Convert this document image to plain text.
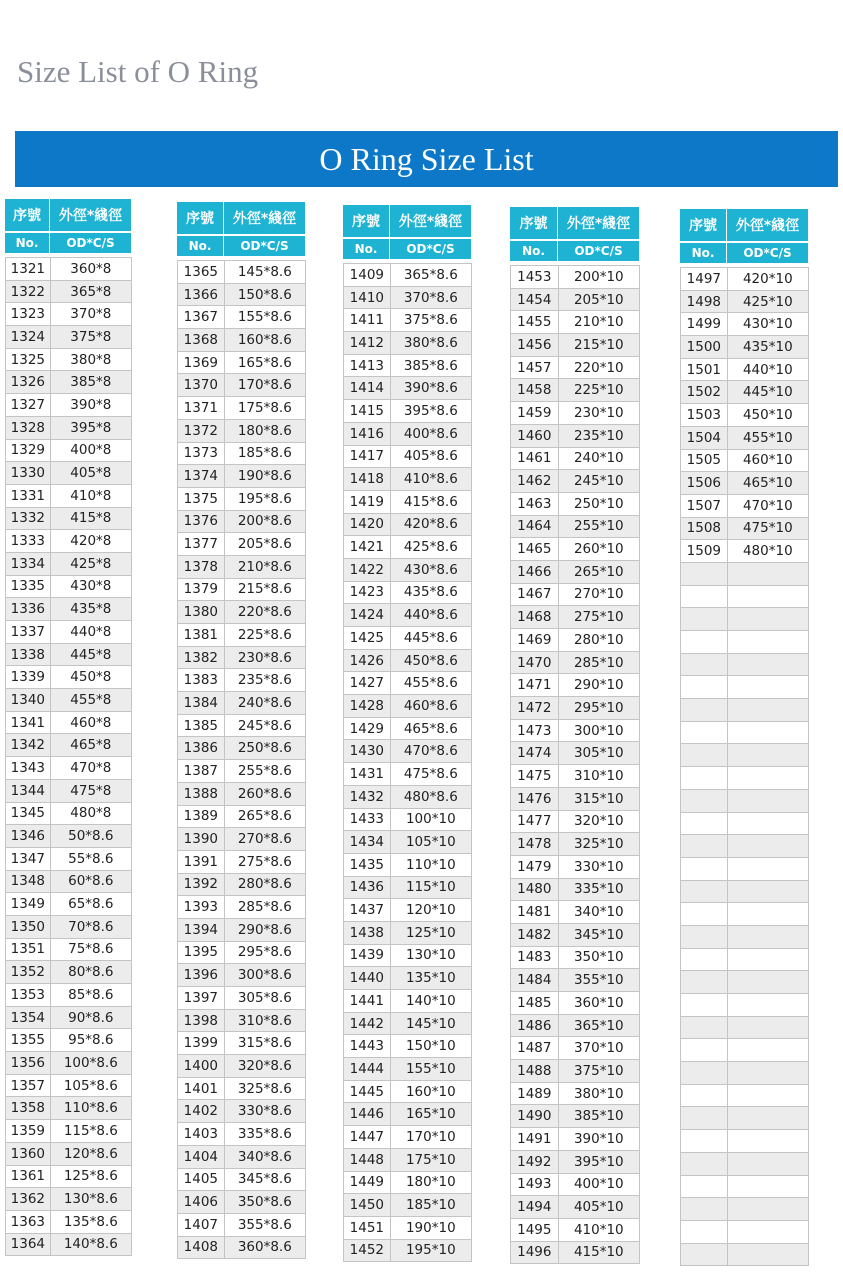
Size List of O Ring
O Ring Size List
序號	外徑*綫徑
No.	OD*C/S
1321	360*8
1322	365*8
1323	370*8
1324	375*8
1325	380*8
1326	385*8
1327	390*8
1328	395*8
1329	400*8
1330	405*8
1331	410*8
1332	415*8
1333	420*8
1334	425*8
1335	430*8
1336	435*8
1337	440*8
1338	445*8
1339	450*8
1340	455*8
1341	460*8
1342	465*8
1343	470*8
1344	475*8
1345	480*8
1346	50*8.6
1347	55*8.6
1348	60*8.6
1349	65*8.6
1350	70*8.6
1351	75*8.6
1352	80*8.6
1353	85*8.6
1354	90*8.6
1355	95*8.6
1356	100*8.6
1357	105*8.6
1358	110*8.6
1359	115*8.6
1360	120*8.6
1361	125*8.6
1362	130*8.6
1363	135*8.6
1364	140*8.6
序號	外徑*綫徑
No.	OD*C/S
1365	145*8.6
1366	150*8.6
1367	155*8.6
1368	160*8.6
1369	165*8.6
1370	170*8.6
1371	175*8.6
1372	180*8.6
1373	185*8.6
1374	190*8.6
1375	195*8.6
1376	200*8.6
1377	205*8.6
1378	210*8.6
1379	215*8.6
1380	220*8.6
1381	225*8.6
1382	230*8.6
1383	235*8.6
1384	240*8.6
1385	245*8.6
1386	250*8.6
1387	255*8.6
1388	260*8.6
1389	265*8.6
1390	270*8.6
1391	275*8.6
1392	280*8.6
1393	285*8.6
1394	290*8.6
1395	295*8.6
1396	300*8.6
1397	305*8.6
1398	310*8.6
1399	315*8.6
1400	320*8.6
1401	325*8.6
1402	330*8.6
1403	335*8.6
1404	340*8.6
1405	345*8.6
1406	350*8.6
1407	355*8.6
1408	360*8.6
序號	外徑*綫徑
No.	OD*C/S
1409	365*8.6
1410	370*8.6
1411	375*8.6
1412	380*8.6
1413	385*8.6
1414	390*8.6
1415	395*8.6
1416	400*8.6
1417	405*8.6
1418	410*8.6
1419	415*8.6
1420	420*8.6
1421	425*8.6
1422	430*8.6
1423	435*8.6
1424	440*8.6
1425	445*8.6
1426	450*8.6
1427	455*8.6
1428	460*8.6
1429	465*8.6
1430	470*8.6
1431	475*8.6
1432	480*8.6
1433	100*10
1434	105*10
1435	110*10
1436	115*10
1437	120*10
1438	125*10
1439	130*10
1440	135*10
1441	140*10
1442	145*10
1443	150*10
1444	155*10
1445	160*10
1446	165*10
1447	170*10
1448	175*10
1449	180*10
1450	185*10
1451	190*10
1452	195*10
序號	外徑*綫徑
No.	OD*C/S
1453	200*10
1454	205*10
1455	210*10
1456	215*10
1457	220*10
1458	225*10
1459	230*10
1460	235*10
1461	240*10
1462	245*10
1463	250*10
1464	255*10
1465	260*10
1466	265*10
1467	270*10
1468	275*10
1469	280*10
1470	285*10
1471	290*10
1472	295*10
1473	300*10
1474	305*10
1475	310*10
1476	315*10
1477	320*10
1478	325*10
1479	330*10
1480	335*10
1481	340*10
1482	345*10
1483	350*10
1484	355*10
1485	360*10
1486	365*10
1487	370*10
1488	375*10
1489	380*10
1490	385*10
1491	390*10
1492	395*10
1493	400*10
1494	405*10
1495	410*10
1496	415*10
序號	外徑*綫徑
No.	OD*C/S
1497	420*10
1498	425*10
1499	430*10
1500	435*10
1501	440*10
1502	445*10
1503	450*10
1504	455*10
1505	460*10
1506	465*10
1507	470*10
1508	475*10
1509	480*10
